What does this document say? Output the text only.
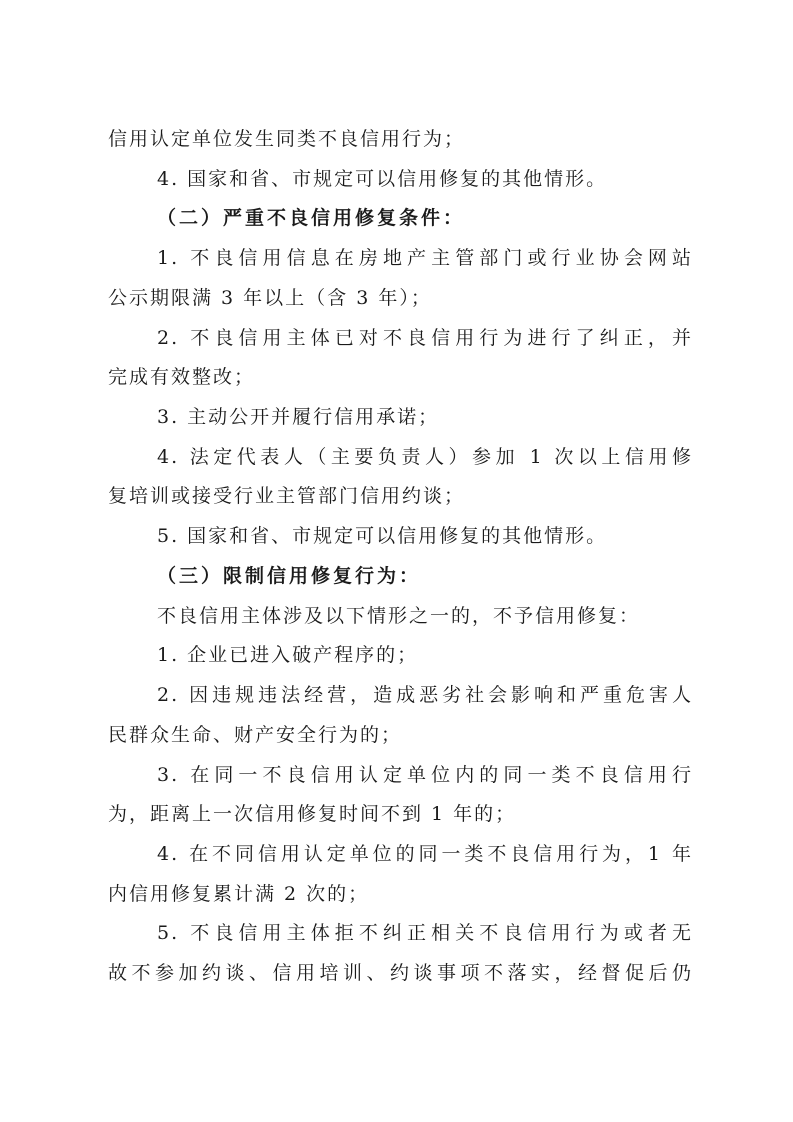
信用认定单位发生同类不良信用行为；
4. 国家和省、市规定可以信用修复的其他情形。
（二）严重不良信用修复条件：
1. 不良信用信息在房地产主管部门或行业协会网站
公示期限满 3 年以上（含 3 年）；
2. 不良信用主体已对不良信用行为进行了纠正，并
完成有效整改；
3. 主动公开并履行信用承诺；
4. 法定代表人（主要负责人）参加 1 次以上信用修
复培训或接受行业主管部门信用约谈；
5. 国家和省、市规定可以信用修复的其他情形。
（三）限制信用修复行为：
不良信用主体涉及以下情形之一的，不予信用修复：
1. 企业已进入破产程序的；
2. 因违规违法经营，造成恶劣社会影响和严重危害人
民群众生命、财产安全行为的；
3. 在同一不良信用认定单位内的同一类不良信用行
为，距离上一次信用修复时间不到 1 年的；
4. 在不同信用认定单位的同一类不良信用行为，1 年
内信用修复累计满 2 次的；
5. 不良信用主体拒不纠正相关不良信用行为或者无
故不参加约谈、信用培训、约谈事项不落实，经督促后仍
